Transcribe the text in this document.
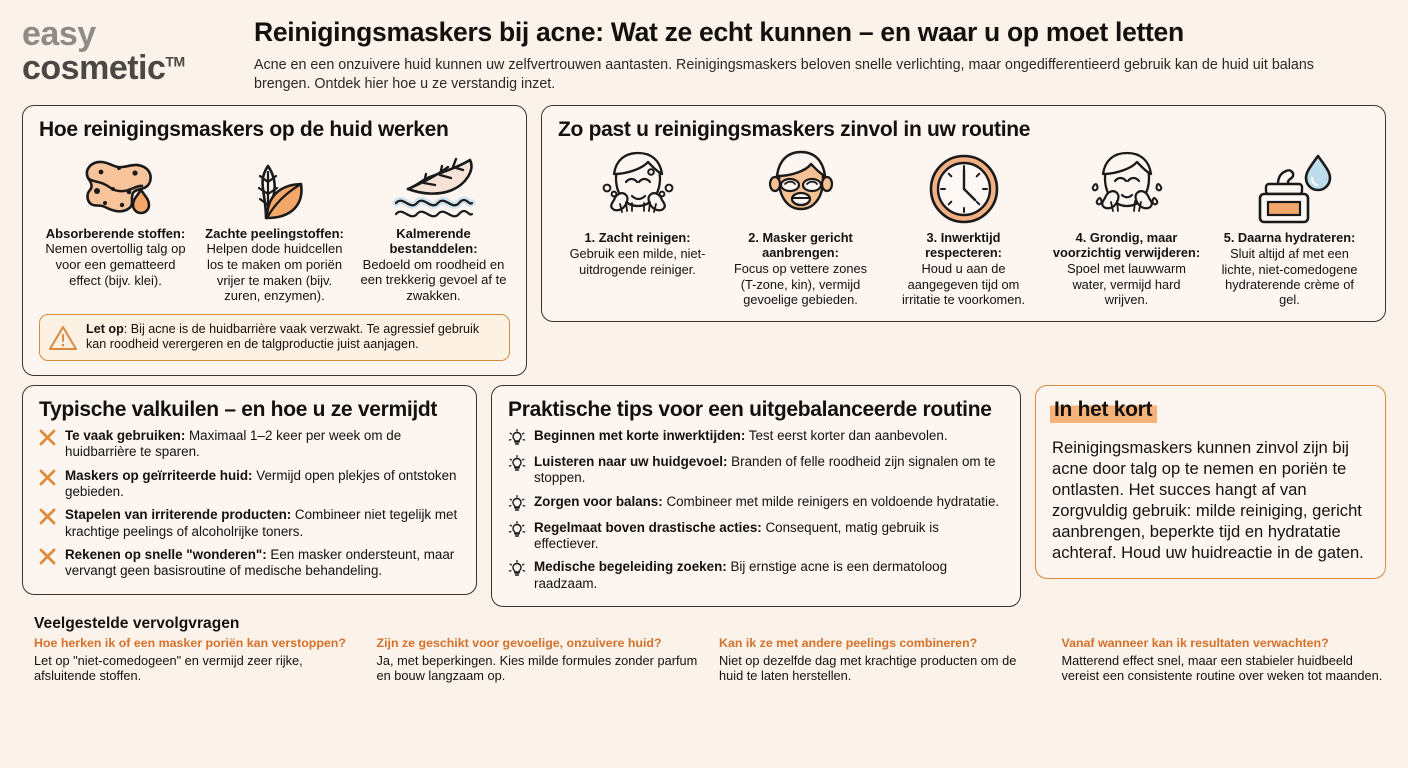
easy
cosmetic™
Reinigingsmaskers bij acne: Wat ze echt kunnen – en waar u op moet letten
Acne en een onzuivere huid kunnen uw zelfvertrouwen aantasten. Reinigingsmaskers beloven snelle verlichting, maar ongedifferentieerd gebruik kan de huid uit balans brengen. Ontdek hier hoe u ze verstandig inzet.
Hoe reinigingsmaskers op de huid werken
Absorberende stoffen:
Nemen overtollig talg op voor een gematteerd effect (bijv. klei).
Zachte peelingstoffen:
Helpen dode huidcellen los te maken om poriën vrijer te maken (bijv. zuren, enzymen).
Kalmerende bestanddelen:
Bedoeld om roodheid en een trekkerig gevoel af te zwakken.
Let op: Bij acne is de huidbarrière vaak verzwakt. Te agressief gebruik kan roodheid verergeren en de talgproductie juist aanjagen.
Zo past u reinigingsmaskers zinvol in uw routine
1. Zacht reinigen:
Gebruik een milde, niet-uitdrogende reiniger.
2. Masker gericht aanbrengen:
Focus op vettere zones (T-zone, kin), vermijd gevoelige gebieden.
3. Inwerktijd respecteren:
Houd u aan de aangegeven tijd om irritatie te voorkomen.
4. Grondig, maar voorzichtig verwijderen:
Spoel met lauwwarm water, vermijd hard wrijven.
5. Daarna hydrateren:
Sluit altijd af met een lichte, niet-comedogene hydraterende crème of gel.
Typische valkuilen – en hoe u ze vermijdt
Te vaak gebruiken: Maximaal 1–2 keer per week om de huidbarrière te sparen.
Maskers op geïrriteerde huid: Vermijd open plekjes of ontstoken gebieden.
Stapelen van irriterende producten: Combineer niet tegelijk met krachtige peelings of alcoholrijke toners.
Rekenen op snelle "wonderen": Een masker ondersteunt, maar vervangt geen basisroutine of medische behandeling.
Praktische tips voor een uitgebalanceerde routine
Beginnen met korte inwerktijden: Test eerst korter dan aanbevolen.
Luisteren naar uw huidgevoel: Branden of felle roodheid zijn signalen om te stoppen.
Zorgen voor balans: Combineer met milde reinigers en voldoende hydratatie.
Regelmaat boven drastische acties: Consequent, matig gebruik is effectiever.
Medische begeleiding zoeken: Bij ernstige acne is een dermatoloog raadzaam.
In het kort
Reinigingsmaskers kunnen zinvol zijn bij acne door talg op te nemen en poriën te ontlasten. Het succes hangt af van zorgvuldig gebruik: milde reiniging, gericht aanbrengen, beperkte tijd en hydratatie achteraf. Houd uw huidreactie in de gaten.
Veelgestelde vervolgvragen
Hoe herken ik of een masker poriën kan verstoppen?
Let op "niet-comedogeen" en vermijd zeer rijke, afsluitende stoffen.
Zijn ze geschikt voor gevoelige, onzuivere huid?
Ja, met beperkingen. Kies milde formules zonder parfum en bouw langzaam op.
Kan ik ze met andere peelings combineren?
Niet op dezelfde dag met krachtige producten om de huid te laten herstellen.
Vanaf wanneer kan ik resultaten verwachten?
Matterend effect snel, maar een stabieler huidbeeld vereist een consistente routine over weken tot maanden.
